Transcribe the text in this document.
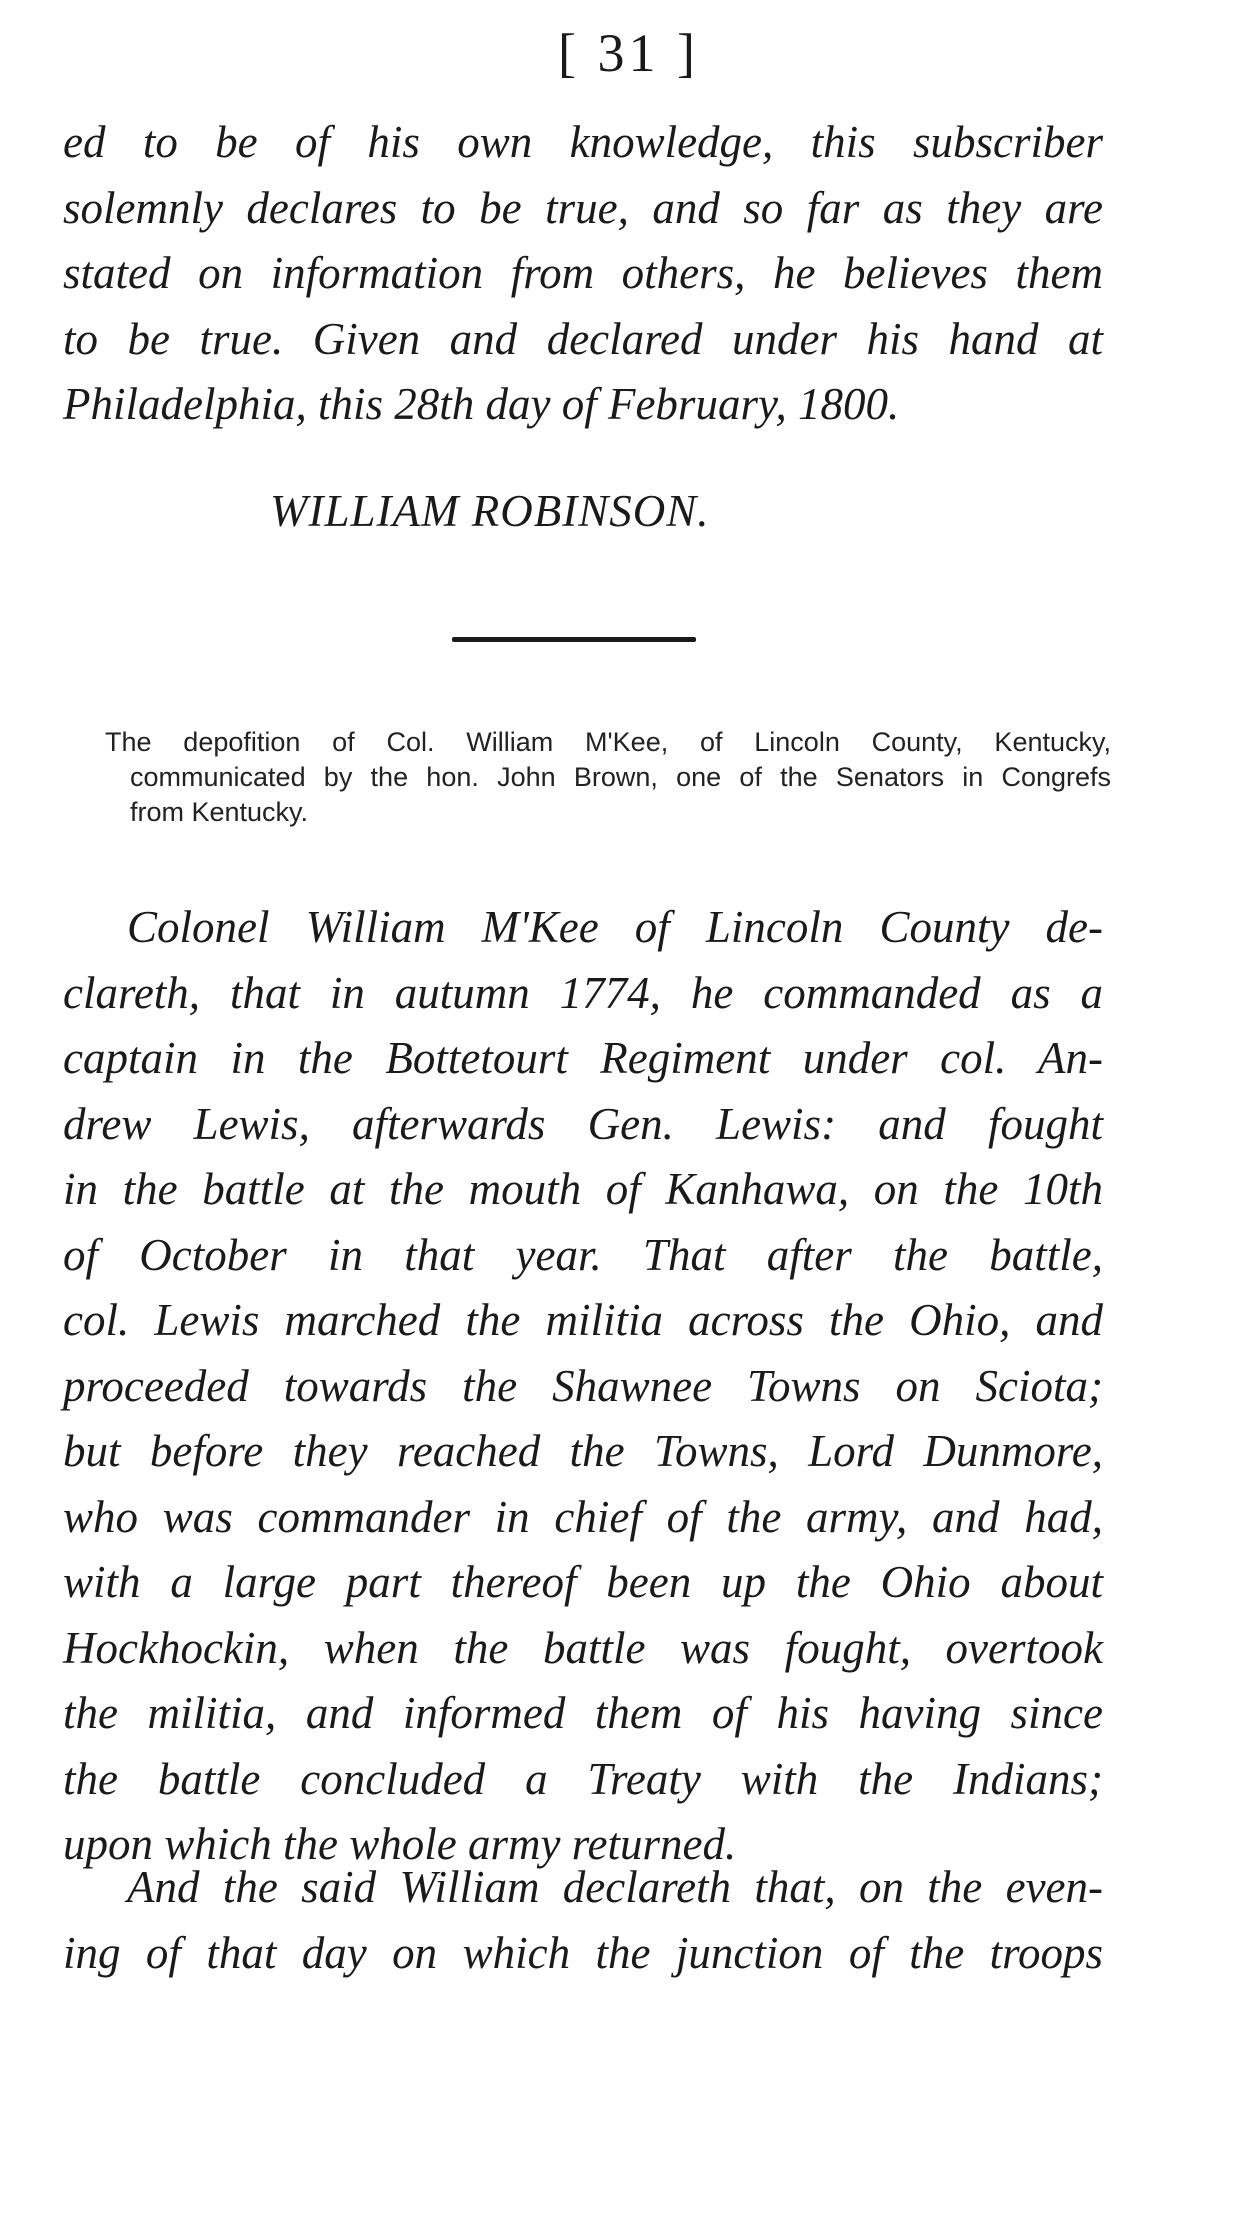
[ 31 ]
ed to be of his own knowledge, this subscriber
solemnly declares to be true, and so far as they are
stated on information from others, he believes them
to be true. Given and declared under his hand at
Philadelphia, this 28th day of February, 1800.
WILLIAM ROBINSON.
The depofition of Col. William M'Kee, of Lincoln County, Kentucky,
communicated by the hon. John Brown, one of the Senators in Congrefs
from Kentucky.
Colonel William M'Kee of Lincoln County de-
clareth, that in autumn 1774, he commanded as a
captain in the Bottetourt Regiment under col. An-
drew Lewis, afterwards Gen. Lewis: and fought
in the battle at the mouth of Kanhawa, on the 10th
of October in that year. That after the battle,
col. Lewis marched the militia across the Ohio, and
proceeded towards the Shawnee Towns on Sciota;
but before they reached the Towns, Lord Dunmore,
who was commander in chief of the army, and had,
with a large part thereof been up the Ohio about
Hockhockin, when the battle was fought, overtook
the militia, and informed them of his having since
the battle concluded a Treaty with the Indians;
upon which the whole army returned.
And the said William declareth that, on the even-
ing of that day on which the junction of the troops
